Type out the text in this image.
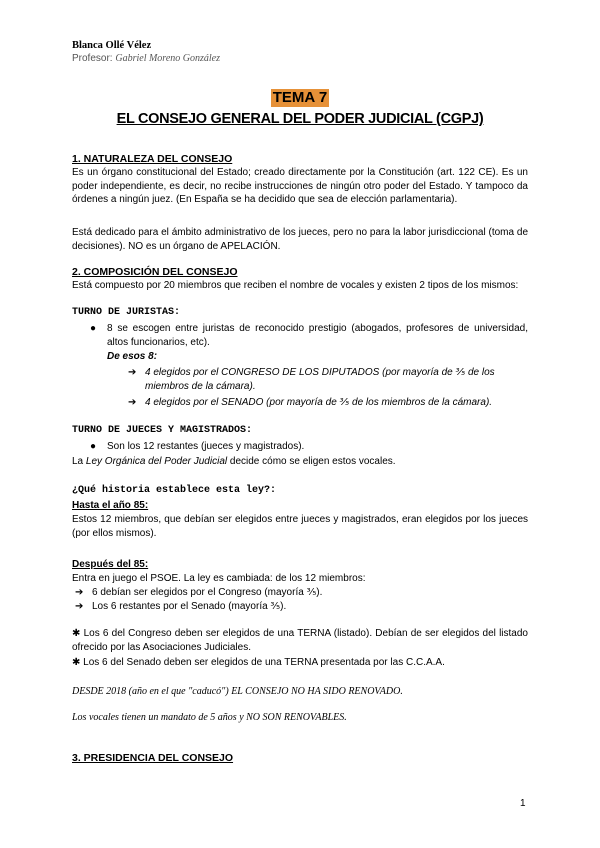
Blanca Ollé Vélez
Profesor: Gabriel Moreno González
TEMA 7
EL CONSEJO GENERAL DEL PODER JUDICIAL (CGPJ)
1. NATURALEZA DEL CONSEJO
Es un órgano constitucional del Estado; creado directamente por la Constitución (art. 122 CE). Es un poder independiente, es decir, no recibe instrucciones de ningún otro poder del Estado. Y tampoco da órdenes a ningún juez. (En España se ha decidido que sea de elección parlamentaria).
Está dedicado para el ámbito administrativo de los jueces, pero no para la labor jurisdiccional (toma de decisiones). NO es un órgano de APELACIÓN.
2. COMPOSICIÓN DEL CONSEJO
Está compuesto por 20 miembros que reciben el nombre de vocales y existen 2 tipos de los mismos:
TURNO DE JURISTAS:
● 8 se escogen entre juristas de reconocido prestigio (abogados, profesores de universidad, altos funcionarios, etc).
De esos 8:
➔ 4 elegidos por el CONGRESO DE LOS DIPUTADOS (por mayoría de ⅗ de los miembros de la cámara).
➔ 4 elegidos por el SENADO (por mayoría de ⅗ de los miembros de la cámara).
TURNO DE JUECES Y MAGISTRADOS:
● Son los 12 restantes (jueces y magistrados).
La Ley Orgánica del Poder Judicial decide cómo se eligen estos vocales.
¿Qué historia establece esta ley?:
Hasta el año 85:
Estos 12 miembros, que debían ser elegidos entre jueces y magistrados, eran elegidos por los jueces (por ellos mismos).
Después del 85:
Entra en juego el PSOE. La ley es cambiada: de los 12 miembros:
➔ 6 debían ser elegidos por el Congreso (mayoría ⅗).
➔ Los 6 restantes por el Senado (mayoría ⅗).
✱ Los 6 del Congreso deben ser elegidos de una TERNA (listado). Debían de ser elegidos del listado ofrecido por las Asociaciones Judiciales.
✱ Los 6 del Senado deben ser elegidos de una TERNA presentada por las C.C.A.A.
DESDE 2018 (año en el que "caducó") EL CONSEJO NO HA SIDO RENOVADO.
Los vocales tienen un mandato de 5 años y NO SON RENOVABLES.
3. PRESIDENCIA DEL CONSEJO
1
